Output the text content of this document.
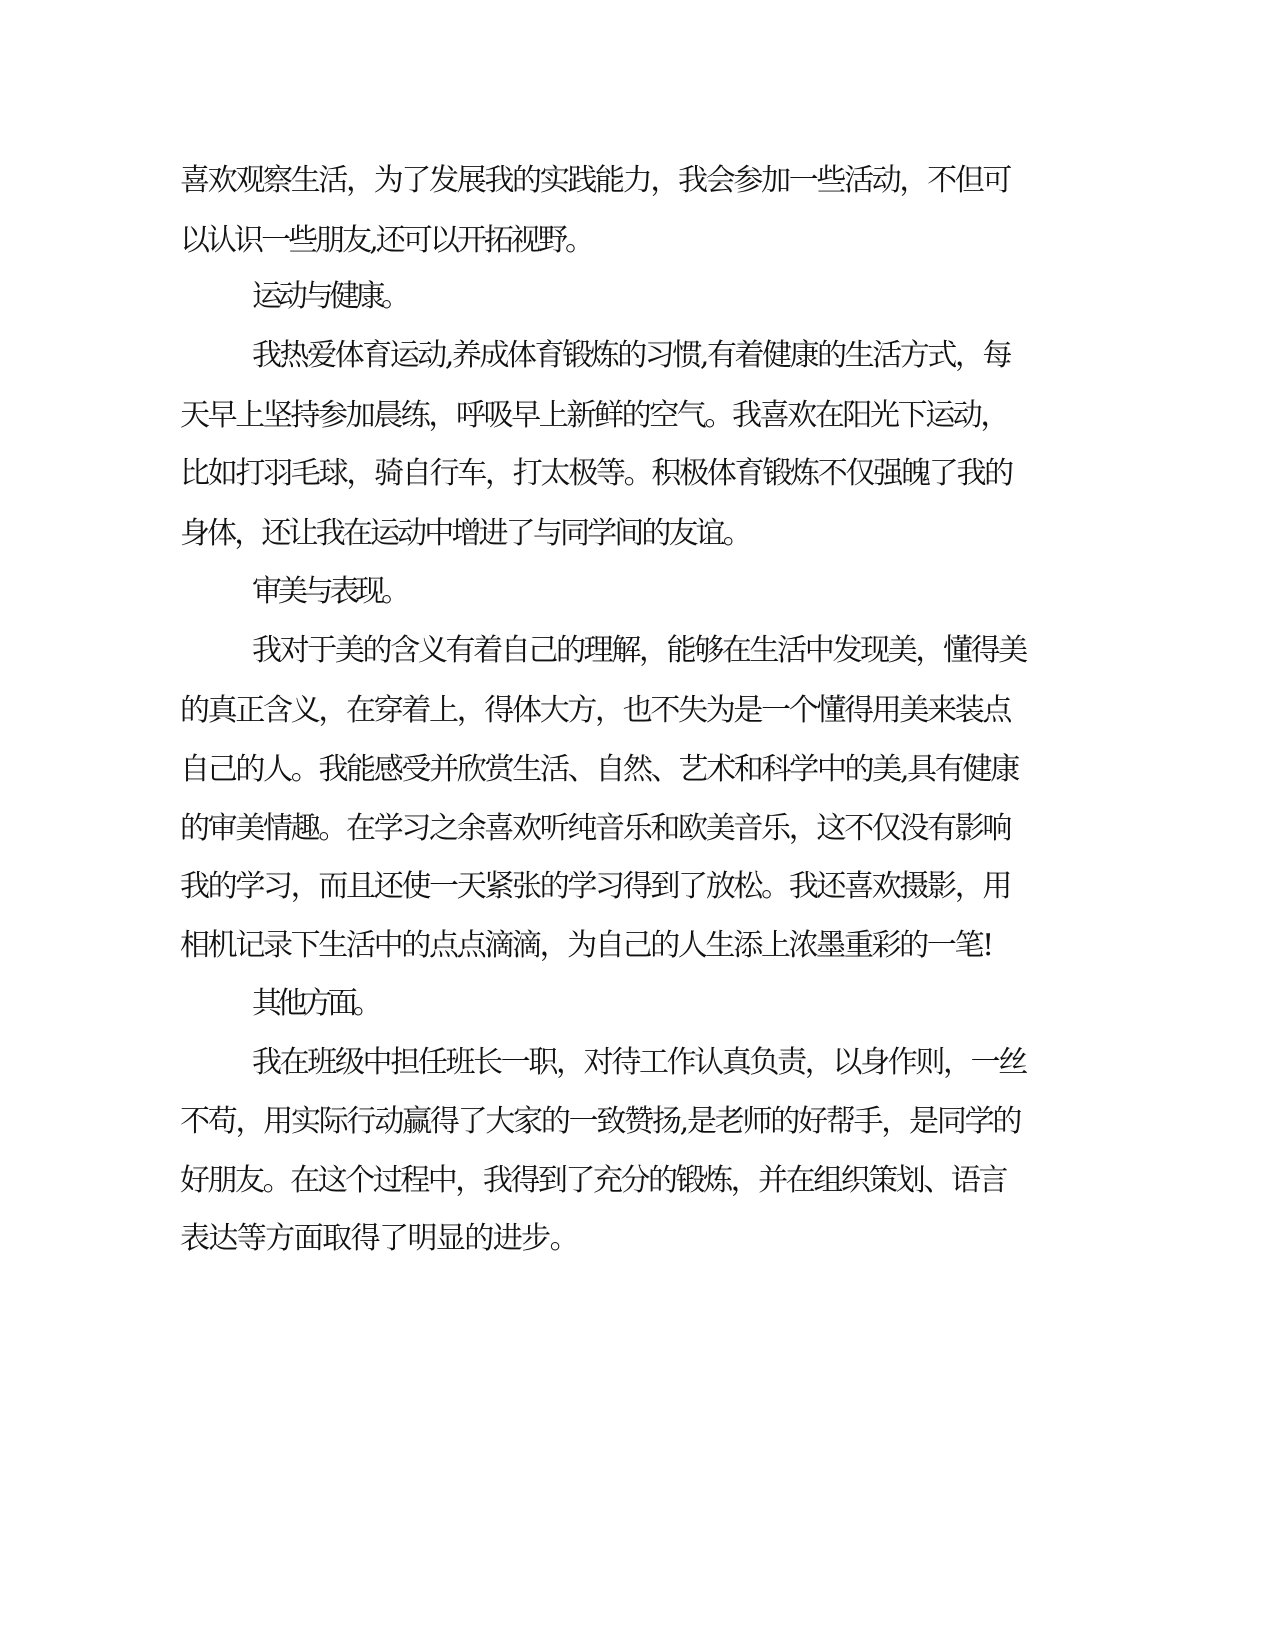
喜欢观察生活，为了发展我的实践能力，我会参加一些活动，不但可
以认识一些朋友,还可以开拓视野。
运动与健康。
我热爱体育运动,养成体育锻炼的习惯,有着健康的生活方式，每
天早上坚持参加晨练，呼吸早上新鲜的空气。我喜欢在阳光下运动，
比如打羽毛球，骑自行车，打太极等。积极体育锻炼不仅强魄了我的
身体，还让我在运动中增进了与同学间的友谊。
审美与表现。
我对于美的含义有着自己的理解，能够在生活中发现美，懂得美
的真正含义，在穿着上，得体大方，也不失为是一个懂得用美来装点
自己的人。我能感受并欣赏生活、自然、艺术和科学中的美,具有健康
的审美情趣。在学习之余喜欢听纯音乐和欧美音乐，这不仅没有影响
我的学习，而且还使一天紧张的学习得到了放松。我还喜欢摄影，用
相机记录下生活中的点点滴滴，为自己的人生添上浓墨重彩的一笔!
其他方面。
我在班级中担任班长一职，对待工作认真负责，以身作则，一丝
不苟，用实际行动赢得了大家的一致赞扬,是老师的好帮手，是同学的
好朋友。在这个过程中，我得到了充分的锻炼，并在组织策划、语言
表达等方面取得了明显的进步。
